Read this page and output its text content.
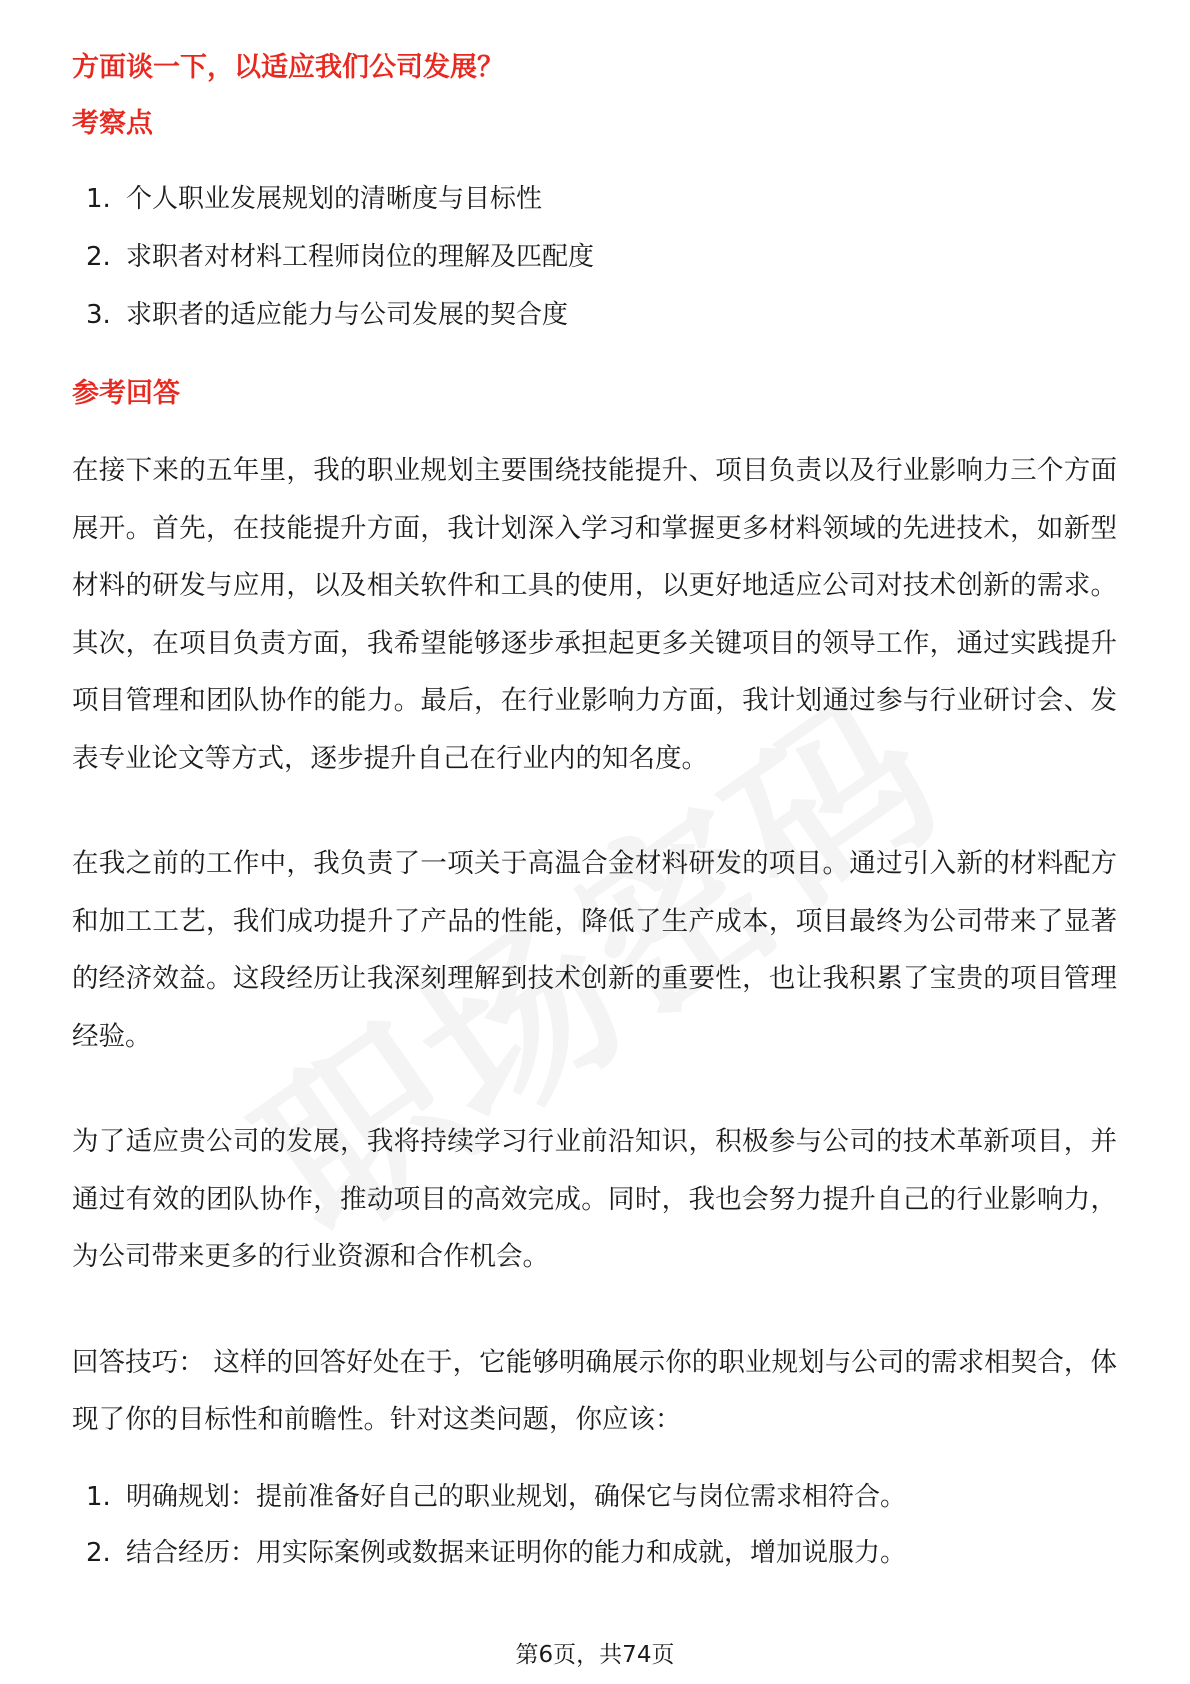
方面谈一下，以适应我们公司发展？
考察点
1. 个人职业发展规划的清晰度与目标性
2. 求职者对材料工程师岗位的理解及匹配度
3. 求职者的适应能力与公司发展的契合度
参考回答

在接下来的五年里，我的职业规划主要围绕技能提升、项目负责以及行业影响力三个方面展开。首先，在技能提升方面，我计划深入学习和掌握更多材料领域的先进技术，如新型材料的研发与应用，以及相关软件和工具的使用，以更好地适应公司对技术创新的需求。其次，在项目负责方面，我希望能够逐步承担起更多关键项目的领导工作，通过实践提升项目管理和团队协作的能力。最后，在行业影响力方面，我计划通过参与行业研讨会、发表专业论文等方式，逐步提升自己在行业内的知名度。

在我之前的工作中，我负责了一项关于高温合金材料研发的项目。通过引入新的材料配方和加工工艺，我们成功提升了产品的性能，降低了生产成本，项目最终为公司带来了显著的经济效益。这段经历让我深刻理解到技术创新的重要性，也让我积累了宝贵的项目管理经验。

为了适应贵公司的发展，我将持续学习行业前沿知识，积极参与公司的技术革新项目，并通过有效的团队协作，推动项目的高效完成。同时，我也会努力提升自己的行业影响力，为公司带来更多的行业资源和合作机会。

回答技巧： 这样的回答好处在于，它能够明确展示你的职业规划与公司的需求相契合，体现了你的目标性和前瞻性。针对这类问题，你应该：

1. 明确规划：提前准备好自己的职业规划，确保它与岗位需求相符合。
2. 结合经历：用实际案例或数据来证明你的能力和成就，增加说服力。
第6页，共74页
